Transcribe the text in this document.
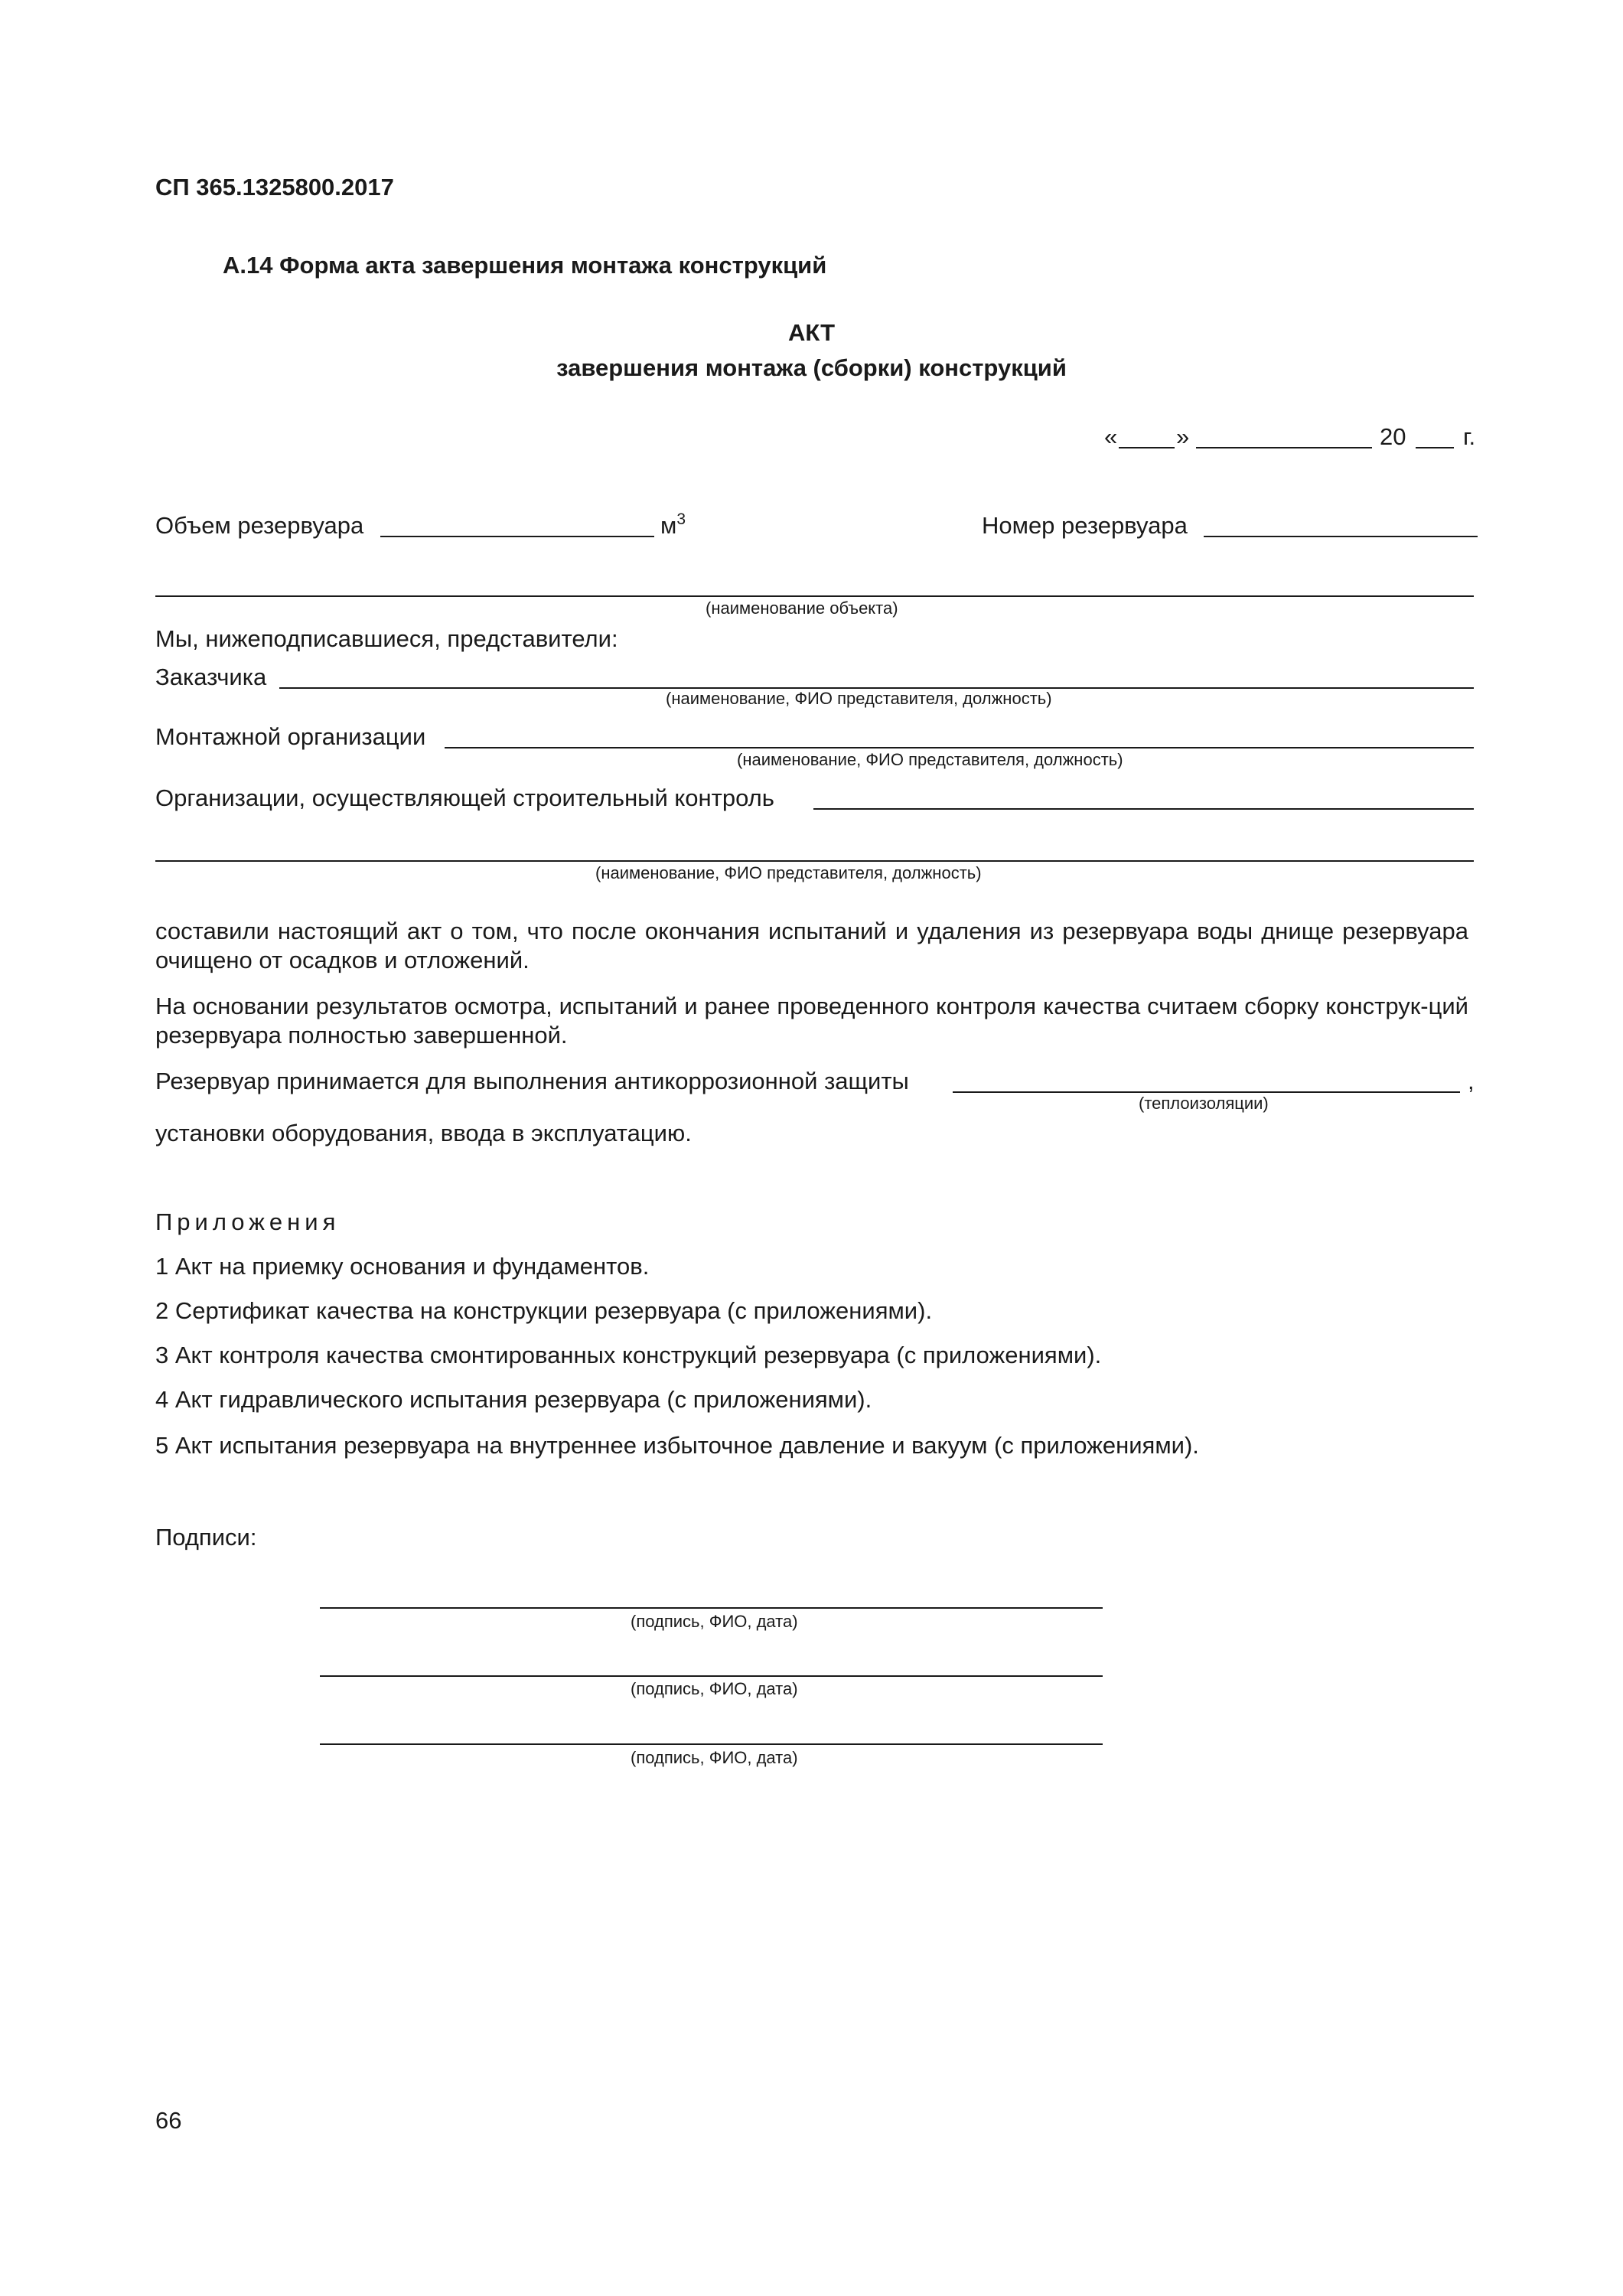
СП 365.1325800.2017
А.14 Форма акта завершения монтажа конструкций
АКТ
завершения монтажа (сборки) конструкций
« »	20 г.
Объем резервуара	$м^3$	Номер резервуара
(наименование объекта)
Мы, нижеподписавшиеся, представители:
Заказчика
(наименование, ФИО представителя, должность)
Монтажной организации
(наименование, ФИО представителя, должность)
Организации, осуществляющей строительный контроль
(наименование, ФИО представителя, должность)
составили настоящий акт о том, что после окончания испытаний и удаления из резервуара воды днище резервуара очищено от осадков и отложений.
На основании результатов осмотра, испытаний и ранее проведенного контроля качества считаем сборку конструк-ций резервуара полностью завершенной.
Резервуар принимается для выполнения антикоррозионной защиты	,
(теплоизоляции)
установки оборудования, ввода в эксплуатацию.
Приложения
1 Акт на приемку основания и фундаментов.
2 Сертификат качества на конструкции резервуара (с приложениями).
3 Акт контроля качества смонтированных конструкций резервуара (с приложениями).
4 Акт гидравлического испытания резервуара (с приложениями).
5 Акт испытания резервуара на внутреннее избыточное давление и вакуум (с приложениями).
Подписи:
(подпись, ФИО, дата)
(подпись, ФИО, дата)
(подпись, ФИО, дата)
66
